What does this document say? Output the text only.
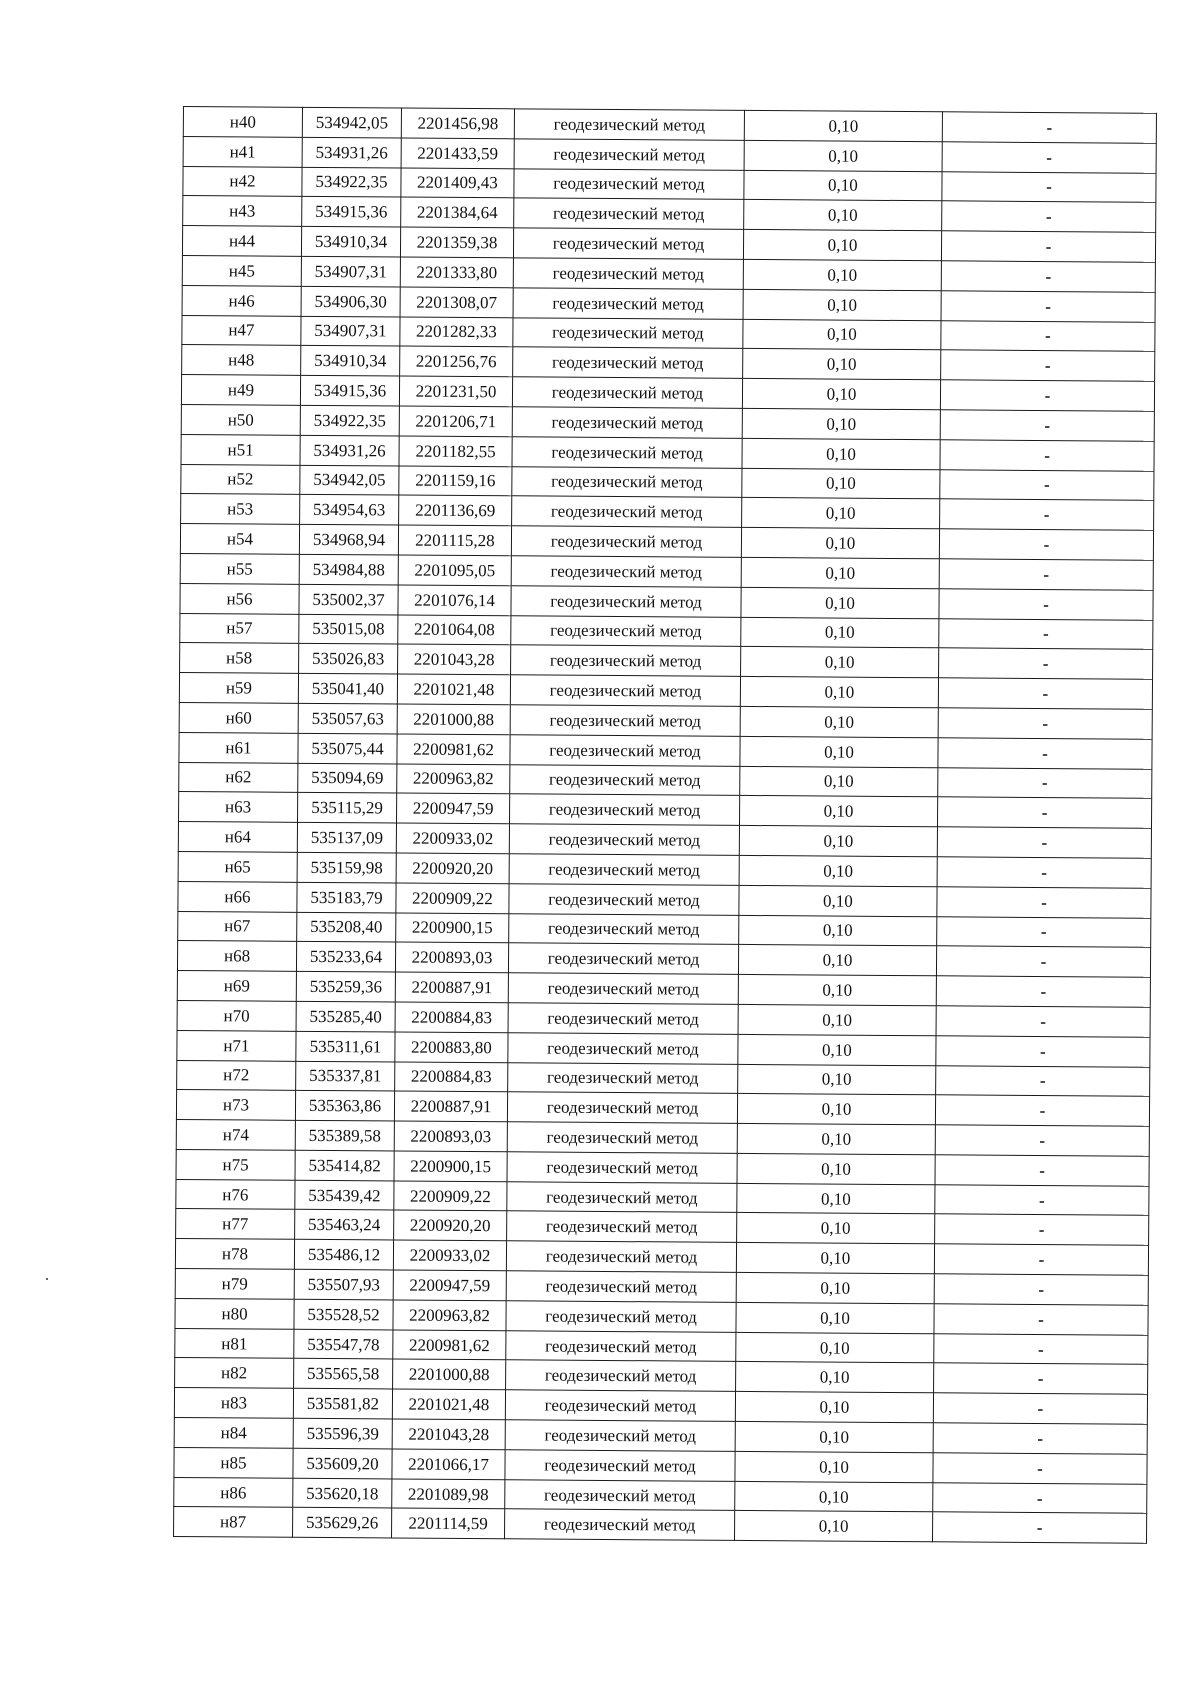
н40	534942,05	2201456,98	геодезический метод	0,10	-
н41	534931,26	2201433,59	геодезический метод	0,10	-
н42	534922,35	2201409,43	геодезический метод	0,10	-
н43	534915,36	2201384,64	геодезический метод	0,10	-
н44	534910,34	2201359,38	геодезический метод	0,10	-
н45	534907,31	2201333,80	геодезический метод	0,10	-
н46	534906,30	2201308,07	геодезический метод	0,10	-
н47	534907,31	2201282,33	геодезический метод	0,10	-
н48	534910,34	2201256,76	геодезический метод	0,10	-
н49	534915,36	2201231,50	геодезический метод	0,10	-
н50	534922,35	2201206,71	геодезический метод	0,10	-
н51	534931,26	2201182,55	геодезический метод	0,10	-
н52	534942,05	2201159,16	геодезический метод	0,10	-
н53	534954,63	2201136,69	геодезический метод	0,10	-
н54	534968,94	2201115,28	геодезический метод	0,10	-
н55	534984,88	2201095,05	геодезический метод	0,10	-
н56	535002,37	2201076,14	геодезический метод	0,10	-
н57	535015,08	2201064,08	геодезический метод	0,10	-
н58	535026,83	2201043,28	геодезический метод	0,10	-
н59	535041,40	2201021,48	геодезический метод	0,10	-
н60	535057,63	2201000,88	геодезический метод	0,10	-
н61	535075,44	2200981,62	геодезический метод	0,10	-
н62	535094,69	2200963,82	геодезический метод	0,10	-
н63	535115,29	2200947,59	геодезический метод	0,10	-
н64	535137,09	2200933,02	геодезический метод	0,10	-
н65	535159,98	2200920,20	геодезический метод	0,10	-
н66	535183,79	2200909,22	геодезический метод	0,10	-
н67	535208,40	2200900,15	геодезический метод	0,10	-
н68	535233,64	2200893,03	геодезический метод	0,10	-
н69	535259,36	2200887,91	геодезический метод	0,10	-
н70	535285,40	2200884,83	геодезический метод	0,10	-
н71	535311,61	2200883,80	геодезический метод	0,10	-
н72	535337,81	2200884,83	геодезический метод	0,10	-
н73	535363,86	2200887,91	геодезический метод	0,10	-
н74	535389,58	2200893,03	геодезический метод	0,10	-
н75	535414,82	2200900,15	геодезический метод	0,10	-
н76	535439,42	2200909,22	геодезический метод	0,10	-
н77	535463,24	2200920,20	геодезический метод	0,10	-
н78	535486,12	2200933,02	геодезический метод	0,10	-
н79	535507,93	2200947,59	геодезический метод	0,10	-
н80	535528,52	2200963,82	геодезический метод	0,10	-
н81	535547,78	2200981,62	геодезический метод	0,10	-
н82	535565,58	2201000,88	геодезический метод	0,10	-
н83	535581,82	2201021,48	геодезический метод	0,10	-
н84	535596,39	2201043,28	геодезический метод	0,10	-
н85	535609,20	2201066,17	геодезический метод	0,10	-
н86	535620,18	2201089,98	геодезический метод	0,10	-
н87	535629,26	2201114,59	геодезический метод	0,10	-
